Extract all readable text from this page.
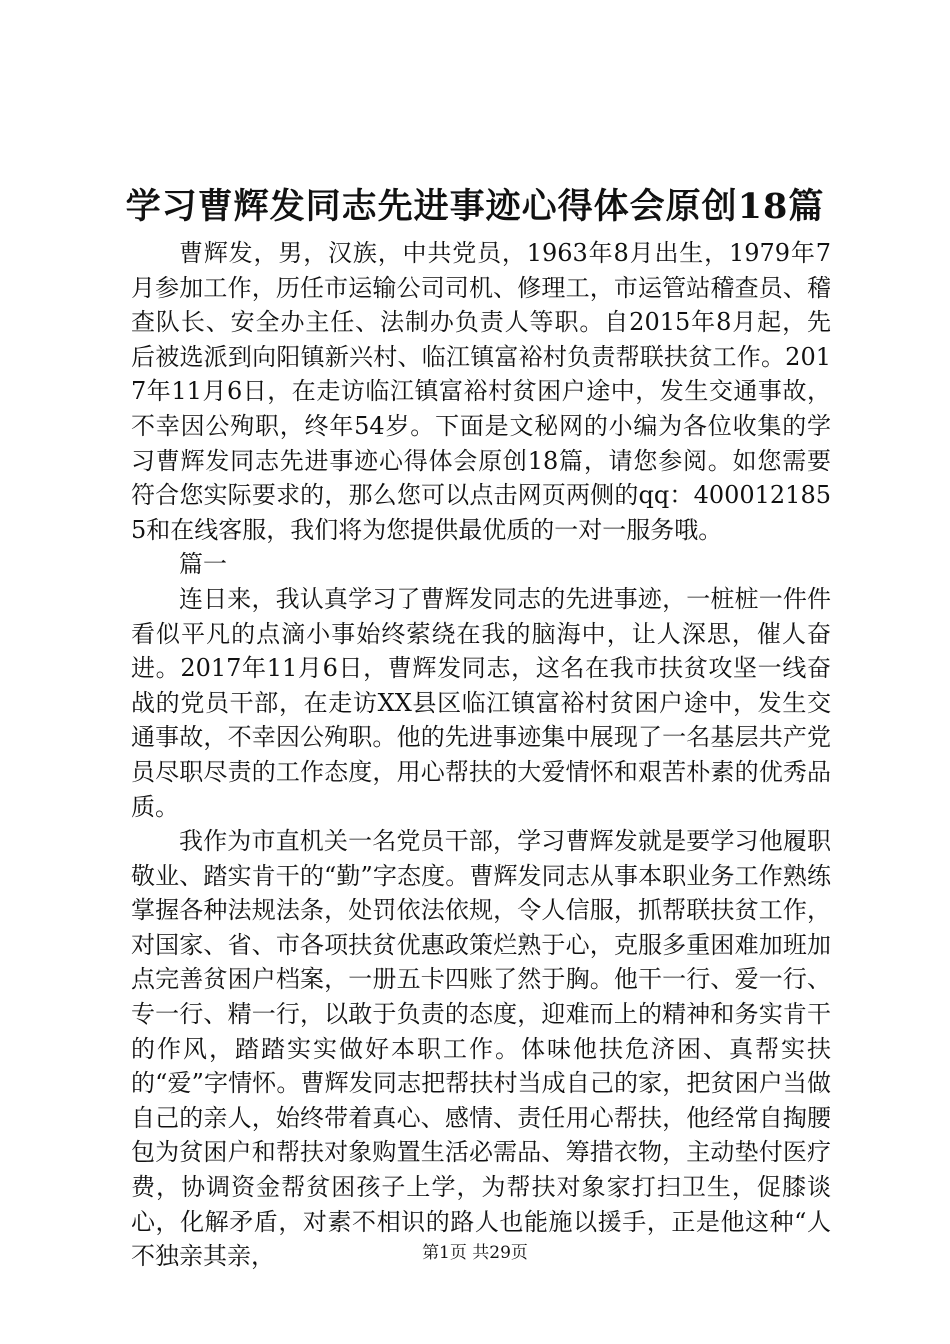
学习曹辉发同志先进事迹心得体会原创18篇

曹辉发，男，汉族，中共党员，1963年8月出生，1979年7月参加工作，历任市运输公司司机、修理工，市运管站稽查员、稽查队长、安全办主任、法制办负责人等职。自2015年8月起，先后被选派到向阳镇新兴村、临江镇富裕村负责帮联扶贫工作。2017年11月6日，在走访临江镇富裕村贫困户途中，发生交通事故，不幸因公殉职，终年54岁。下面是文秘网的小编为各位收集的学习曹辉发同志先进事迹心得体会原创18篇，请您参阅。如您需要符合您实际要求的，那么您可以点击网页两侧的qq：4000121855和在线客服，我们将为您提供最优质的一对一服务哦。

篇一

连日来，我认真学习了曹辉发同志的先进事迹，一桩桩一件件看似平凡的点滴小事始终萦绕在我的脑海中，让人深思，催人奋进。2017年11月6日，曹辉发同志，这名在我市扶贫攻坚一线奋战的党员干部，在走访XX县区临江镇富裕村贫困户途中，发生交通事故，不幸因公殉职。他的先进事迹集中展现了一名基层共产党员尽职尽责的工作态度，用心帮扶的大爱情怀和艰苦朴素的优秀品质。

我作为市直机关一名党员干部，学习曹辉发就是要学习他履职敬业、踏实肯干的“勤”字态度。曹辉发同志从事本职业务工作熟练掌握各种法规法条，处罚依法依规，令人信服，抓帮联扶贫工作，对国家、省、市各项扶贫优惠政策烂熟于心，克服多重困难加班加点完善贫困户档案，一册五卡四账了然于胸。他干一行、爱一行、专一行、精一行，以敢于负责的态度，迎难而上的精神和务实肯干的作风，踏踏实实做好本职工作。体味他扶危济困、真帮实扶的“爱”字情怀。曹辉发同志把帮扶村当成自己的家，把贫困户当做自己的亲人，始终带着真心、感情、责任用心帮扶，他经常自掏腰包为贫困户和帮扶对象购置生活必需品、筹措衣物，主动垫付医疗费，协调资金帮贫困孩子上学，为帮扶对象家打扫卫生，促膝谈心，化解矛盾，对素不相识的路人也能施以援手，正是他这种“人不独亲其亲，	第1页 共29页
